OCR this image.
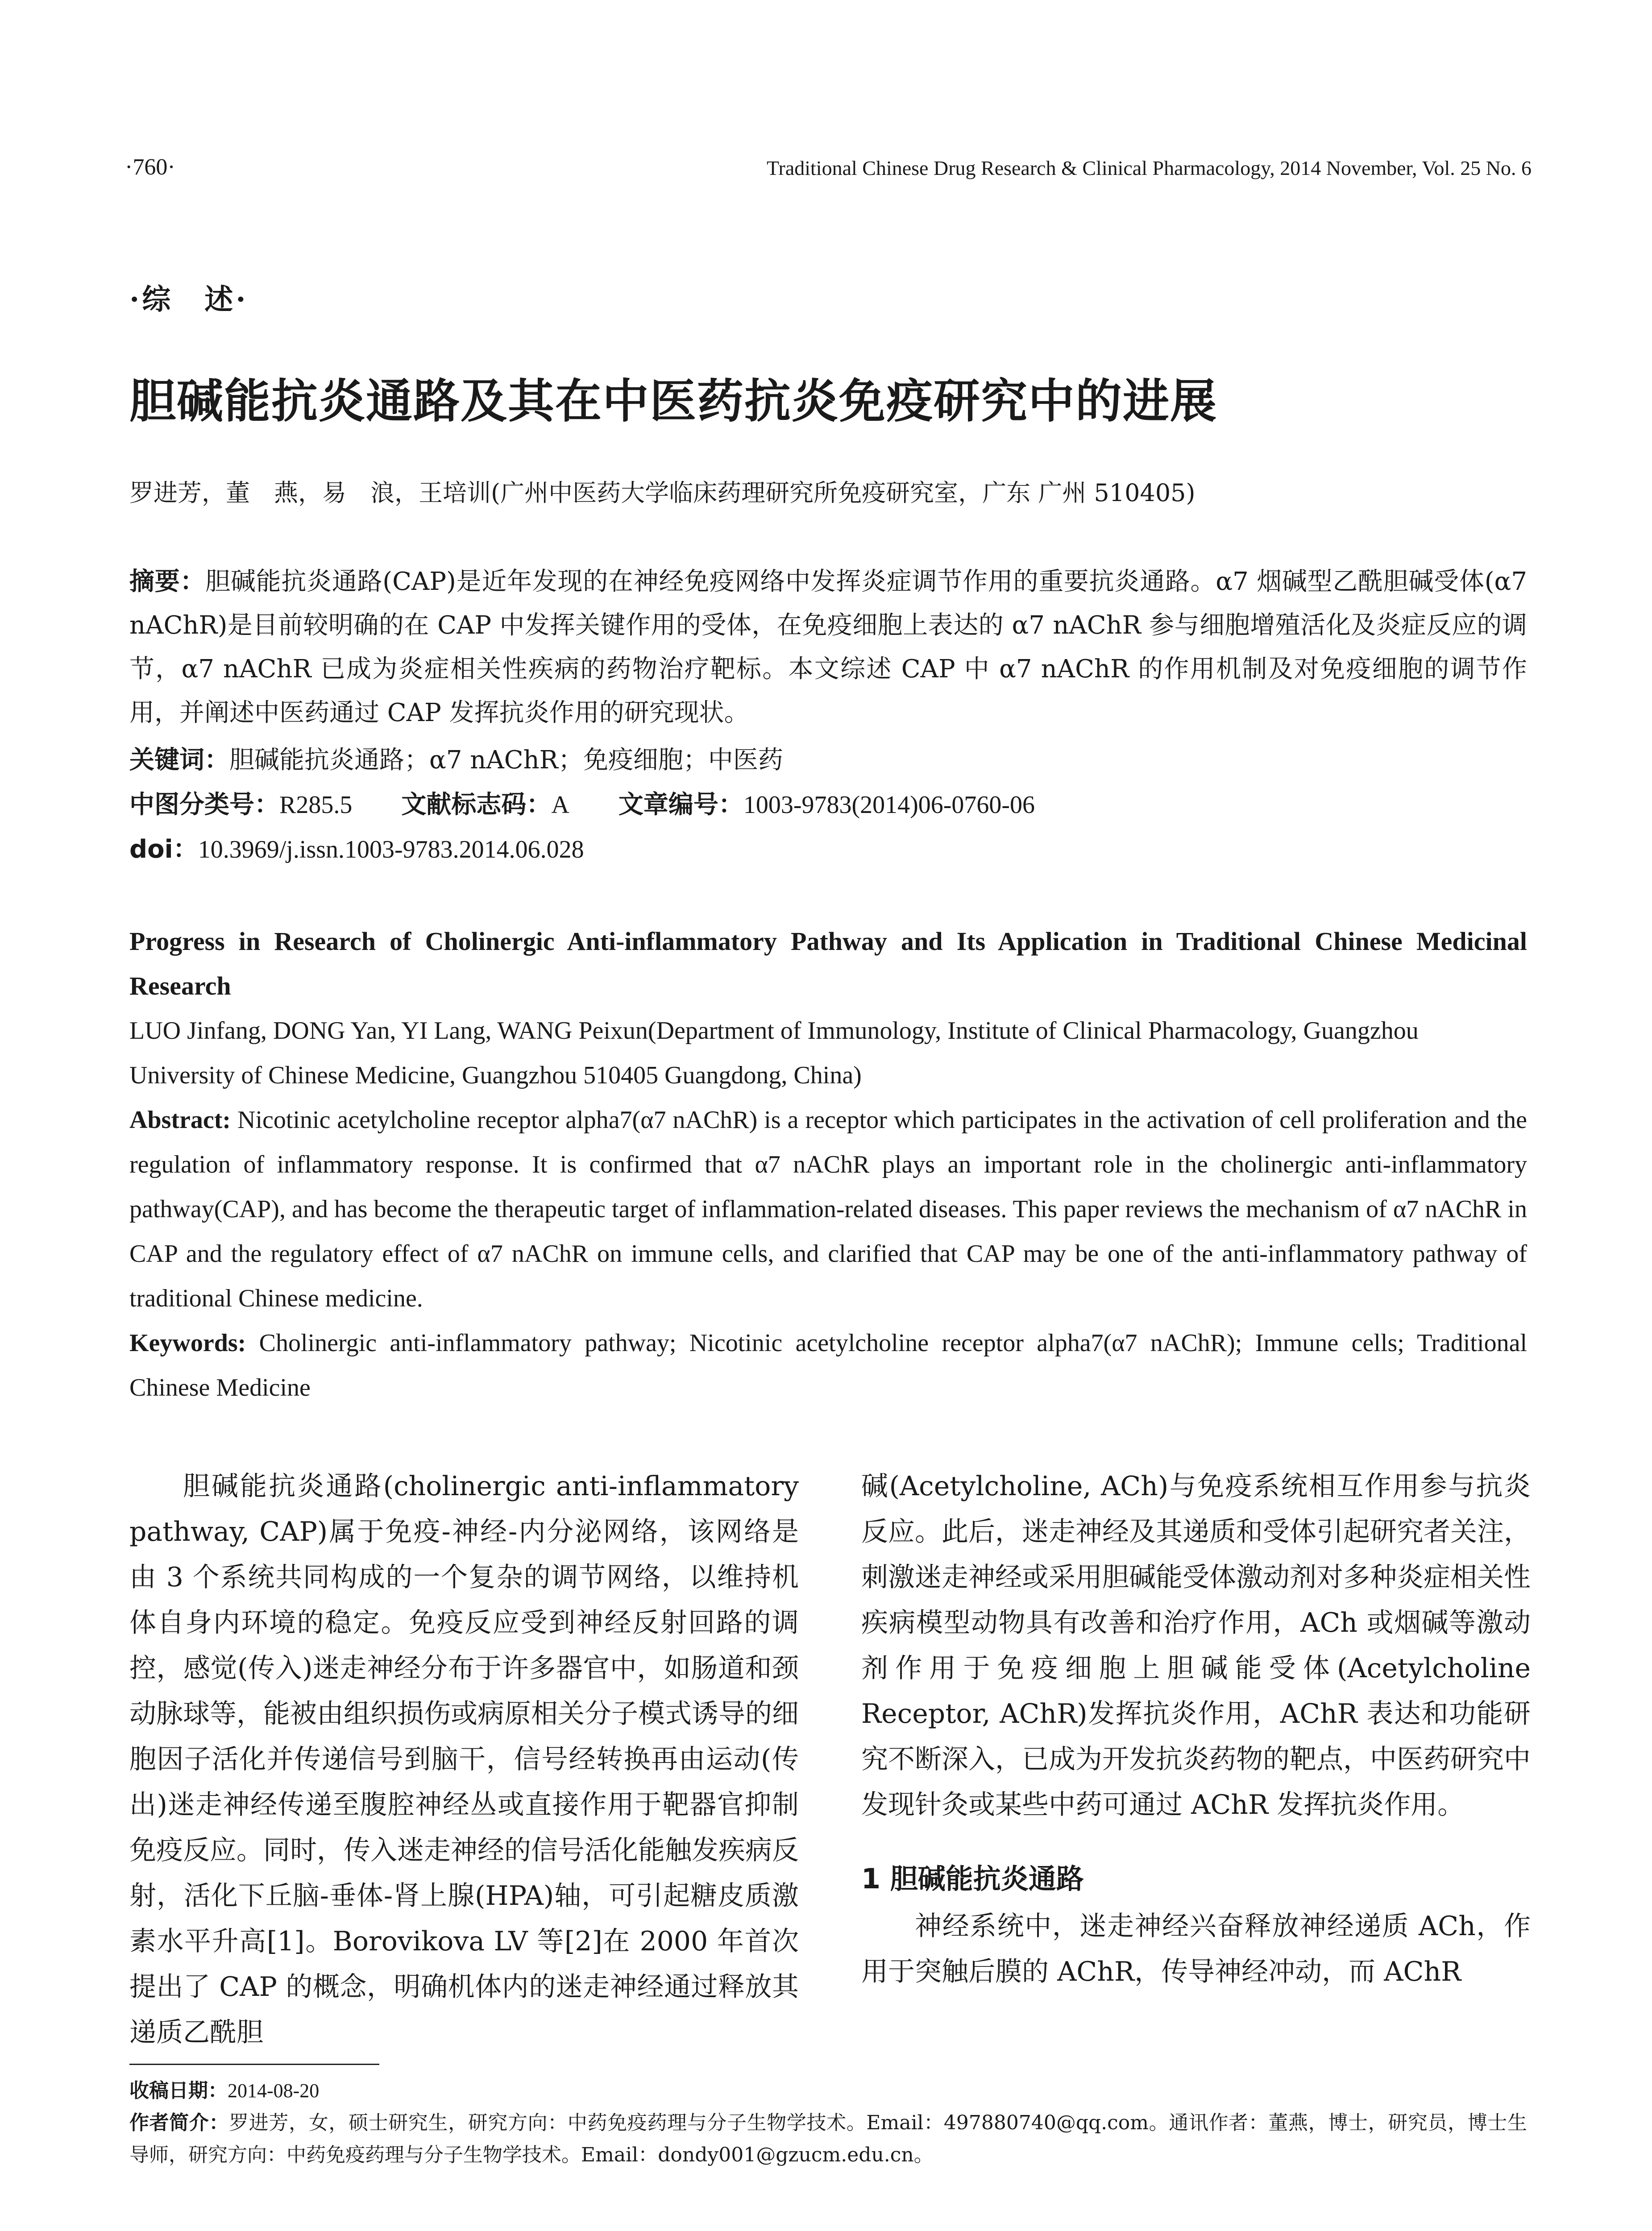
·760·	Traditional Chinese Drug Research & Clinical Pharmacology, 2014 November, Vol. 25 No. 6
·综　述·
胆碱能抗炎通路及其在中医药抗炎免疫研究中的进展
罗进芳，董　燕，易　浪，王培训(广州中医药大学临床药理研究所免疫研究室，广东 广州 510405)
摘要：胆碱能抗炎通路(CAP)是近年发现的在神经免疫网络中发挥炎症调节作用的重要抗炎通路。α7 烟碱型乙酰胆碱受体(α7 nAChR)是目前较明确的在 CAP 中发挥关键作用的受体，在免疫细胞上表达的 α7 nAChR 参与细胞增殖活化及炎症反应的调节，α7 nAChR 已成为炎症相关性疾病的药物治疗靶标。本文综述 CAP 中 α7 nAChR 的作用机制及对免疫细胞的调节作用，并阐述中医药通过 CAP 发挥抗炎作用的研究现状。
关键词：胆碱能抗炎通路；α7 nAChR；免疫细胞；中医药
中图分类号：R285.5 文献标志码：A 文章编号：1003-9783(2014)06-0760-06
doi：10.3969/j.issn.1003-9783.2014.06.028
Progress in Research of Cholinergic Anti-inflammatory Pathway and Its Application in Traditional Chinese Medicinal Research
LUO Jinfang, DONG Yan, YI Lang, WANG Peixun(Department of Immunology, Institute of Clinical Pharmacology, Guangzhou University of Chinese Medicine, Guangzhou 510405 Guangdong, China)
Abstract: Nicotinic acetylcholine receptor alpha7(α7 nAChR) is a receptor which participates in the activation of cell proliferation and the regulation of inflammatory response. It is confirmed that α7 nAChR plays an important role in the cholinergic anti-inflammatory pathway(CAP), and has become the therapeutic target of inflammation-related diseases. This paper reviews the mechanism of α7 nAChR in CAP and the regulatory effect of α7 nAChR on immune cells, and clarified that CAP may be one of the anti-inflammatory pathway of traditional Chinese medicine.
Keywords: Cholinergic anti-inflammatory pathway; Nicotinic acetylcholine receptor alpha7(α7 nAChR); Immune cells; Traditional Chinese Medicine
胆碱能抗炎通路(cholinergic anti-inflammatory pathway, CAP)属于免疫-神经-内分泌网络，该网络是由 3 个系统共同构成的一个复杂的调节网络，以维持机体自身内环境的稳定。免疫反应受到神经反射回路的调控，感觉(传入)迷走神经分布于许多器官中，如肠道和颈动脉球等，能被由组织损伤或病原相关分子模式诱导的细胞因子活化并传递信号到脑干，信号经转换再由运动(传出)迷走神经传递至腹腔神经丛或直接作用于靶器官抑制免疫反应。同时，传入迷走神经的信号活化能触发疾病反射，活化下丘脑-垂体-肾上腺(HPA)轴，可引起糖皮质激素水平升高[1]。Borovikova LV 等[2]在 2000 年首次提出了 CAP 的概念，明确机体内的迷走神经通过释放其递质乙酰胆

碱(Acetylcholine, ACh)与免疫系统相互作用参与抗炎反应。此后，迷走神经及其递质和受体引起研究者关注，刺激迷走神经或采用胆碱能受体激动剂对多种炎症相关性疾病模型动物具有改善和治疗作用，ACh 或烟碱等激动剂作用于免疫细胞上胆碱能受体(Acetylcholine Receptor, AChR)发挥抗炎作用，AChR 表达和功能研究不断深入，已成为开发抗炎药物的靶点，中医药研究中发现针灸或某些中药可通过 AChR 发挥抗炎作用。

1 胆碱能抗炎通路

神经系统中，迷走神经兴奋释放神经递质 ACh，作用于突触后膜的 AChR，传导神经冲动，而 AChR

收稿日期：2014-08-20
作者简介：罗进芳，女，硕士研究生，研究方向：中药免疫药理与分子生物学技术。Email：497880740@qq.com。通讯作者：董燕，博士，研究员，博士生导师，研究方向：中药免疫药理与分子生物学技术。Email：dondy001@gzucm.edu.cn。
